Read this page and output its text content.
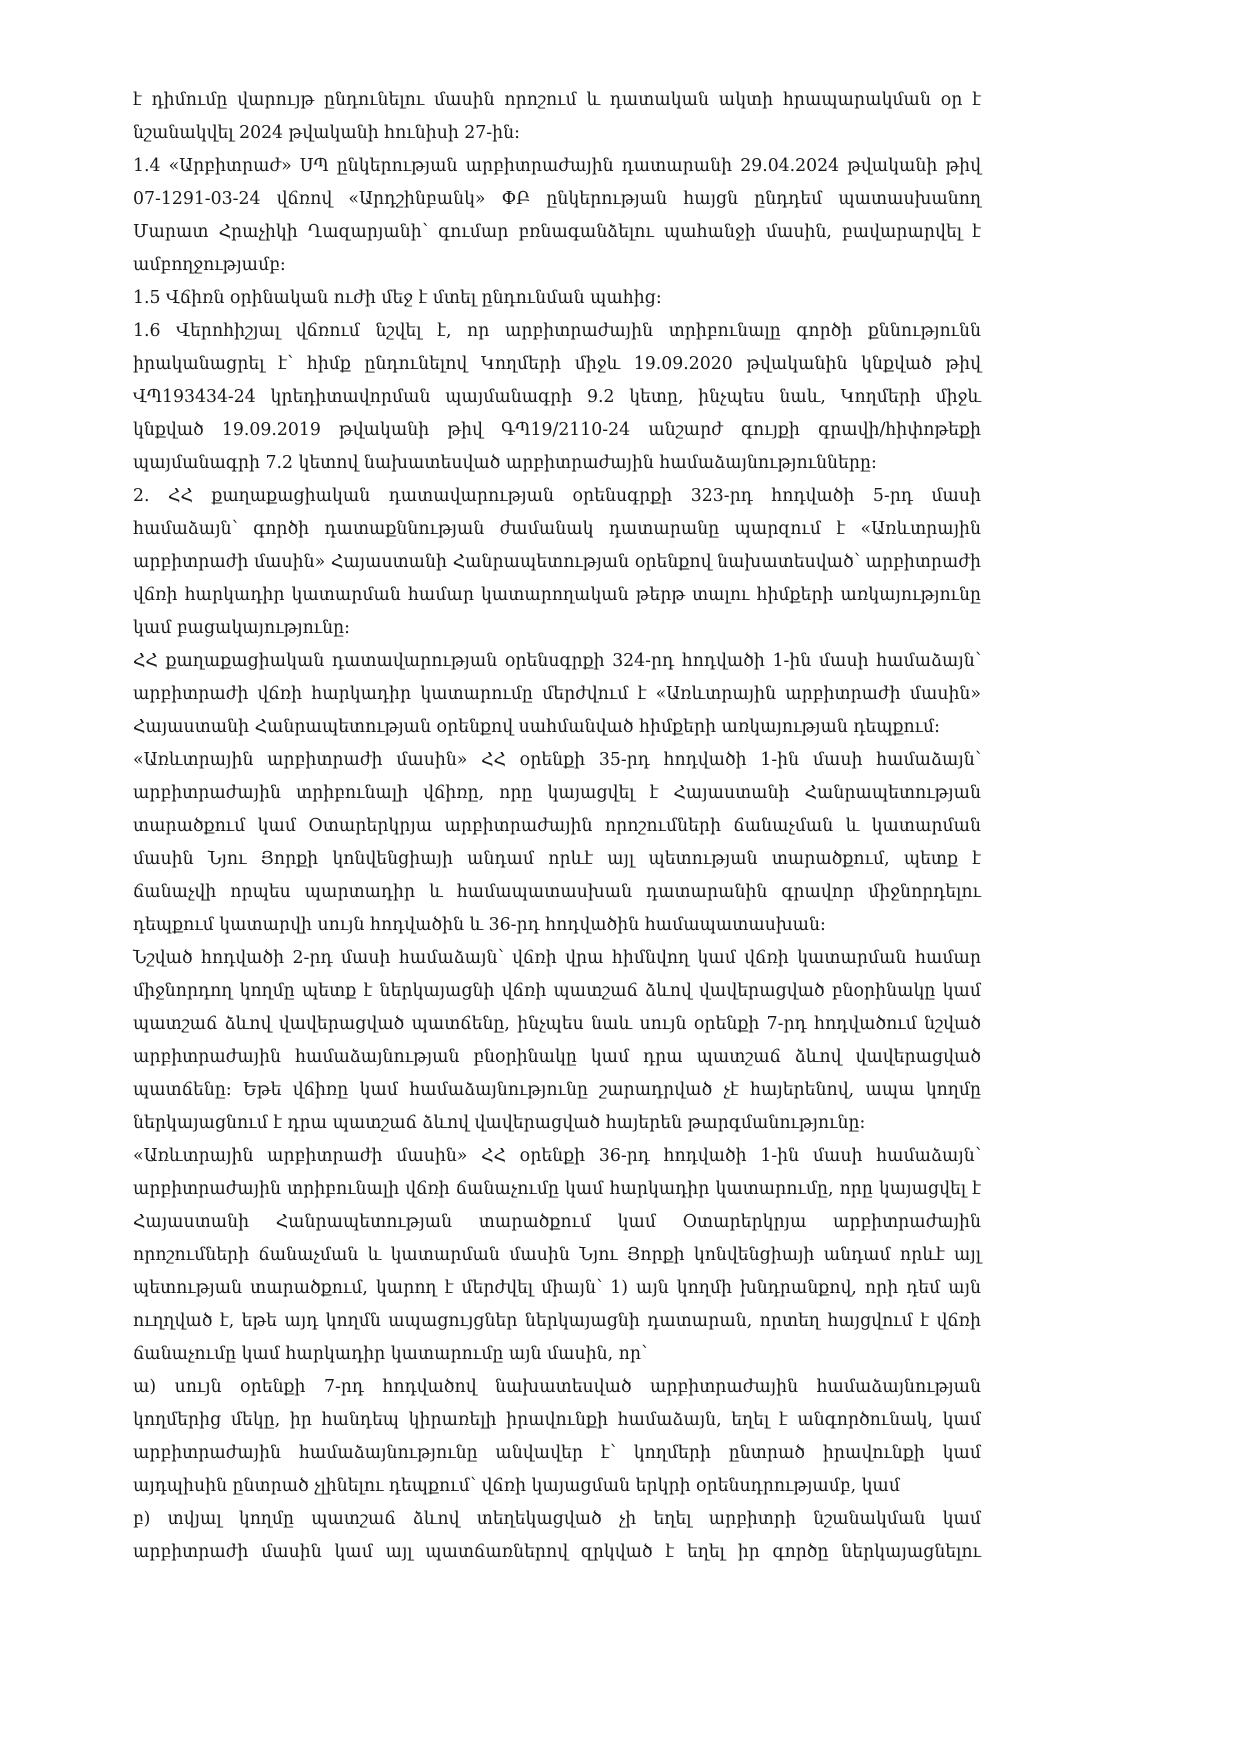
է դիմումը վարույթ ընդունելու մասին որոշում և դատական ակտի հրապարակման օր է նշանակվել 2024 թվականի հունիսի 27-ին:

1.4 «Արբիտրաժ» ՍՊ ընկերության արբիտրաժային դատարանի 29.04.2024 թվականի թիվ 07-1291-03-24 վճռով «Արդշինբանկ» ՓԲ ընկերության հայցն ընդդեմ պատասխանող Մարատ Հրաչիկի Ղազարյանի՝ գումար բռնագանձելու պահանջի մասին, բավարարվել է ամբողջությամբ:

1.5 Վճիռն օրինական ուժի մեջ է մտել ընդունման պահից:

1.6 Վերոհիշյալ վճռում նշվել է, որ արբիտրաժային տրիբունալը գործի քննությունն իրականացրել է՝ հիմք ընդունելով Կողմերի միջև 19.09.2020 թվականին կնքված թիվ ՎՊ193434-24 կրեդիտավորման պայմանագրի 9.2 կետը, ինչպես նաև, Կողմերի միջև կնքված 19.09.2019 թվականի թիվ ԳՊ19/2110-24 անշարժ գույքի գրավի/հիփոթեքի պայմանագրի 7.2 կետով նախատեսված արբիտրաժային համաձայնությունները:

2. ՀՀ քաղաքացիական դատավարության օրենսգրքի 323-րդ հոդվածի 5-րդ մասի համաձայն՝ գործի դատաքննության ժամանակ դատարանը պարզում է «Առևտրային արբիտրաժի մասին» Հայաստանի Հանրապետության օրենքով նախատեսված՝ արբիտրաժի վճռի հարկադիր կատարման համար կատարողական թերթ տալու հիմքերի առկայությունը կամ բացակայությունը:

ՀՀ քաղաքացիական դատավարության օրենսգրքի 324-րդ հոդվածի 1-ին մասի համաձայն՝ արբիտրաժի վճռի հարկադիր կատարումը մերժվում է «Առևտրային արբիտրաժի մասին» Հայաստանի Հանրապետության օրենքով սահմանված հիմքերի առկայության դեպքում:

«Առևտրային արբիտրաժի մասին» ՀՀ օրենքի 35-րդ հոդվածի 1-ին մասի համաձայն՝ արբիտրաժային տրիբունալի վճիռը, որը կայացվել է Հայաստանի Հանրապետության տարածքում կամ Օտարերկրյա արբիտրաժային որոշումների ճանաչման և կատարման մասին Նյու Յորքի կոնվենցիայի անդամ որևէ այլ պետության տարածքում, պետք է ճանաչվի որպես պարտադիր և համապատասխան դատարանին գրավոր միջնորդելու դեպքում կատարվի սույն հոդվածին և 36-րդ հոդվածին համապատասխան:

Նշված հոդվածի 2-րդ մասի համաձայն՝ վճռի վրա հիմնվող կամ վճռի կատարման համար միջնորդող կողմը պետք է ներկայացնի վճռի պատշաճ ձևով վավերացված բնօրինակը կամ պատշաճ ձևով վավերացված պատճենը, ինչպես նաև սույն օրենքի 7-րդ հոդվածում նշված արբիտրաժային համաձայնության բնօրինակը կամ դրա պատշաճ ձևով վավերացված պատճենը: Եթե վճիռը կամ համաձայնությունը շարադրված չէ հայերենով, ապա կողմը ներկայացնում է դրա պատշաճ ձևով վավերացված հայերեն թարգմանությունը:

«Առևտրային արբիտրաժի մասին» ՀՀ օրենքի 36-րդ հոդվածի 1-ին մասի համաձայն՝ արբիտրաժային տրիբունալի վճռի ճանաչումը կամ հարկադիր կատարումը, որը կայացվել է Հայաստանի Հանրապետության տարածքում կամ Օտարերկրյա արբիտրաժային որոշումների ճանաչման և կատարման մասին Նյու Յորքի կոնվենցիայի անդամ որևէ այլ պետության տարածքում, կարող է մերժվել միայն՝ 1) այն կողմի խնդրանքով, որի դեմ այն ուղղված է, եթե այդ կողմն ապացույցներ ներկայացնի դատարան, որտեղ հայցվում է վճռի ճանաչումը կամ հարկադիր կատարումը այն մասին, որ՝

ա) սույն օրենքի 7-րդ հոդվածով նախատեսված արբիտրաժային համաձայնության կողմերից մեկը, իր հանդեպ կիրառելի իրավունքի համաձայն, եղել է անգործունակ, կամ արբիտրաժային համաձայնությունը անվավեր է՝ կողմերի ընտրած իրավունքի կամ այդպիսին ընտրած չլինելու դեպքում՝ վճռի կայացման երկրի օրենսդրությամբ, կամ

բ) տվյալ կողմը պատշաճ ձևով տեղեկացված չի եղել արբիտրի նշանակման կամ արբիտրաժի մասին կամ այլ պատճառներով զրկված է եղել իր գործը ներկայացնելու
